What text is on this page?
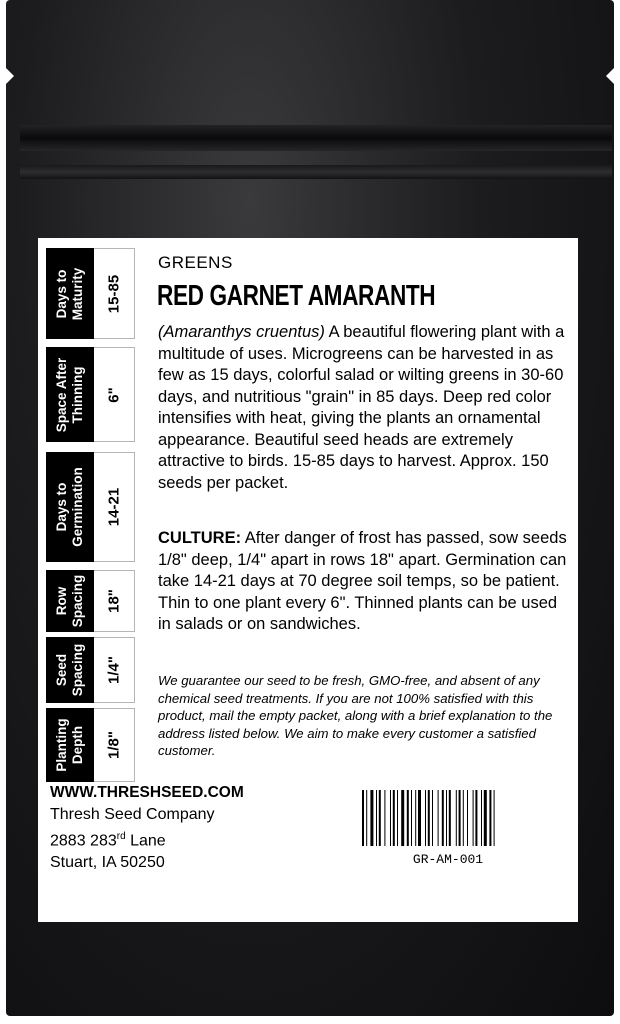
Days to Maturity 15-85
Space After Thinning 6"
Days to Germination 14-21
Row Spacing 18"
Seed Spacing 1/4"
Planting Depth 1/8"
GREENS
RED GARNET AMARANTH
(Amaranthys cruentus) A beautiful flowering plant with a multitude of uses. Microgreens can be harvested in as few as 15 days, colorful salad or wilting greens in 30-60 days, and nutritious "grain" in 85 days. Deep red color intensifies with heat, giving the plants an ornamental appearance. Beautiful seed heads are extremely attractive to birds. 15-85 days to harvest. Approx. 150 seeds per packet.
CULTURE: After danger of frost has passed, sow seeds 1/8" deep, 1/4" apart in rows 18" apart. Germination can take 14-21 days at 70 degree soil temps, so be patient. Thin to one plant every 6". Thinned plants can be used in salads or on sandwiches.
We guarantee our seed to be fresh, GMO-free, and absent of any chemical seed treatments. If you are not 100% satisfied with this product, mail the empty packet, along with a brief explanation to the address listed below. We aim to make every customer a satisfied customer.
WWW.THRESHSEED.COM
Thresh Seed Company
2883 283rd Lane
Stuart, IA 50250	GR-AM-001
